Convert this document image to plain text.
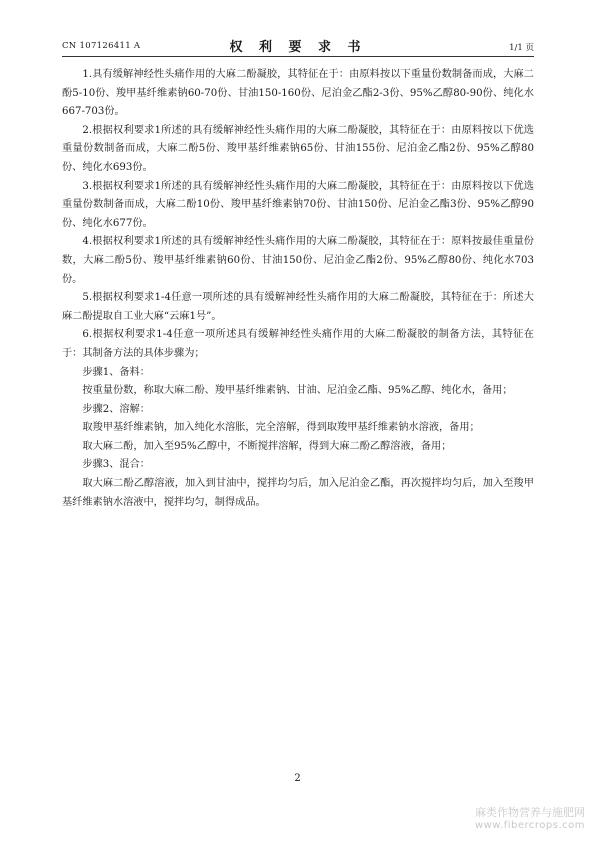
CN 107126411 A	权 利 要 求 书	1/1 页

1.具有缓解神经性头痛作用的大麻二酚凝胶，其特征在于：由原料按以下重量份数制备而成，大麻二酚5-10份、羧甲基纤维素钠60-70份、甘油150-160份、尼泊金乙酯2-3份、95%乙醇80-90份、纯化水667-703份。

2.根据权利要求1所述的具有缓解神经性头痛作用的大麻二酚凝胶，其特征在于：由原料按以下优选重量份数制备而成，大麻二酚5份、羧甲基纤维素钠65份、甘油155份、尼泊金乙酯2份、95%乙醇80份、纯化水693份。

3.根据权利要求1所述的具有缓解神经性头痛作用的大麻二酚凝胶，其特征在于：由原料按以下优选重量份数制备而成，大麻二酚10份、羧甲基纤维素钠70份、甘油150份、尼泊金乙酯3份、95%乙醇90份、纯化水677份。

4.根据权利要求1所述的具有缓解神经性头痛作用的大麻二酚凝胶，其特征在于：原料按最佳重量份数，大麻二酚5份、羧甲基纤维素钠60份、甘油150份、尼泊金乙酯2份、95%乙醇80份、纯化水703份。

5.根据权利要求1-4任意一项所述的具有缓解神经性头痛作用的大麻二酚凝胶，其特征在于：所述大麻二酚提取自工业大麻“云麻1号”。

6.根据权利要求1-4任意一项所述具有缓解神经性头痛作用的大麻二酚凝胶的制备方法，其特征在于：其制备方法的具体步骤为；

步骤1、备料：

按重量份数，称取大麻二酚、羧甲基纤维素钠、甘油、尼泊金乙酯、95%乙醇、纯化水，备用；

步骤2、溶解：

取羧甲基纤维素钠，加入纯化水溶胀，完全溶解，得到取羧甲基纤维素钠水溶液，备用；

取大麻二酚，加入至95%乙醇中，不断搅拌溶解，得到大麻二酚乙醇溶液，备用；

步骤3、混合：

取大麻二酚乙醇溶液，加入到甘油中，搅拌均匀后，加入尼泊金乙酯，再次搅拌均匀后，加入至羧甲基纤维素钠水溶液中，搅拌均匀，制得成品。

2
麻类作物营养与施肥网
www.fibercrops.com
